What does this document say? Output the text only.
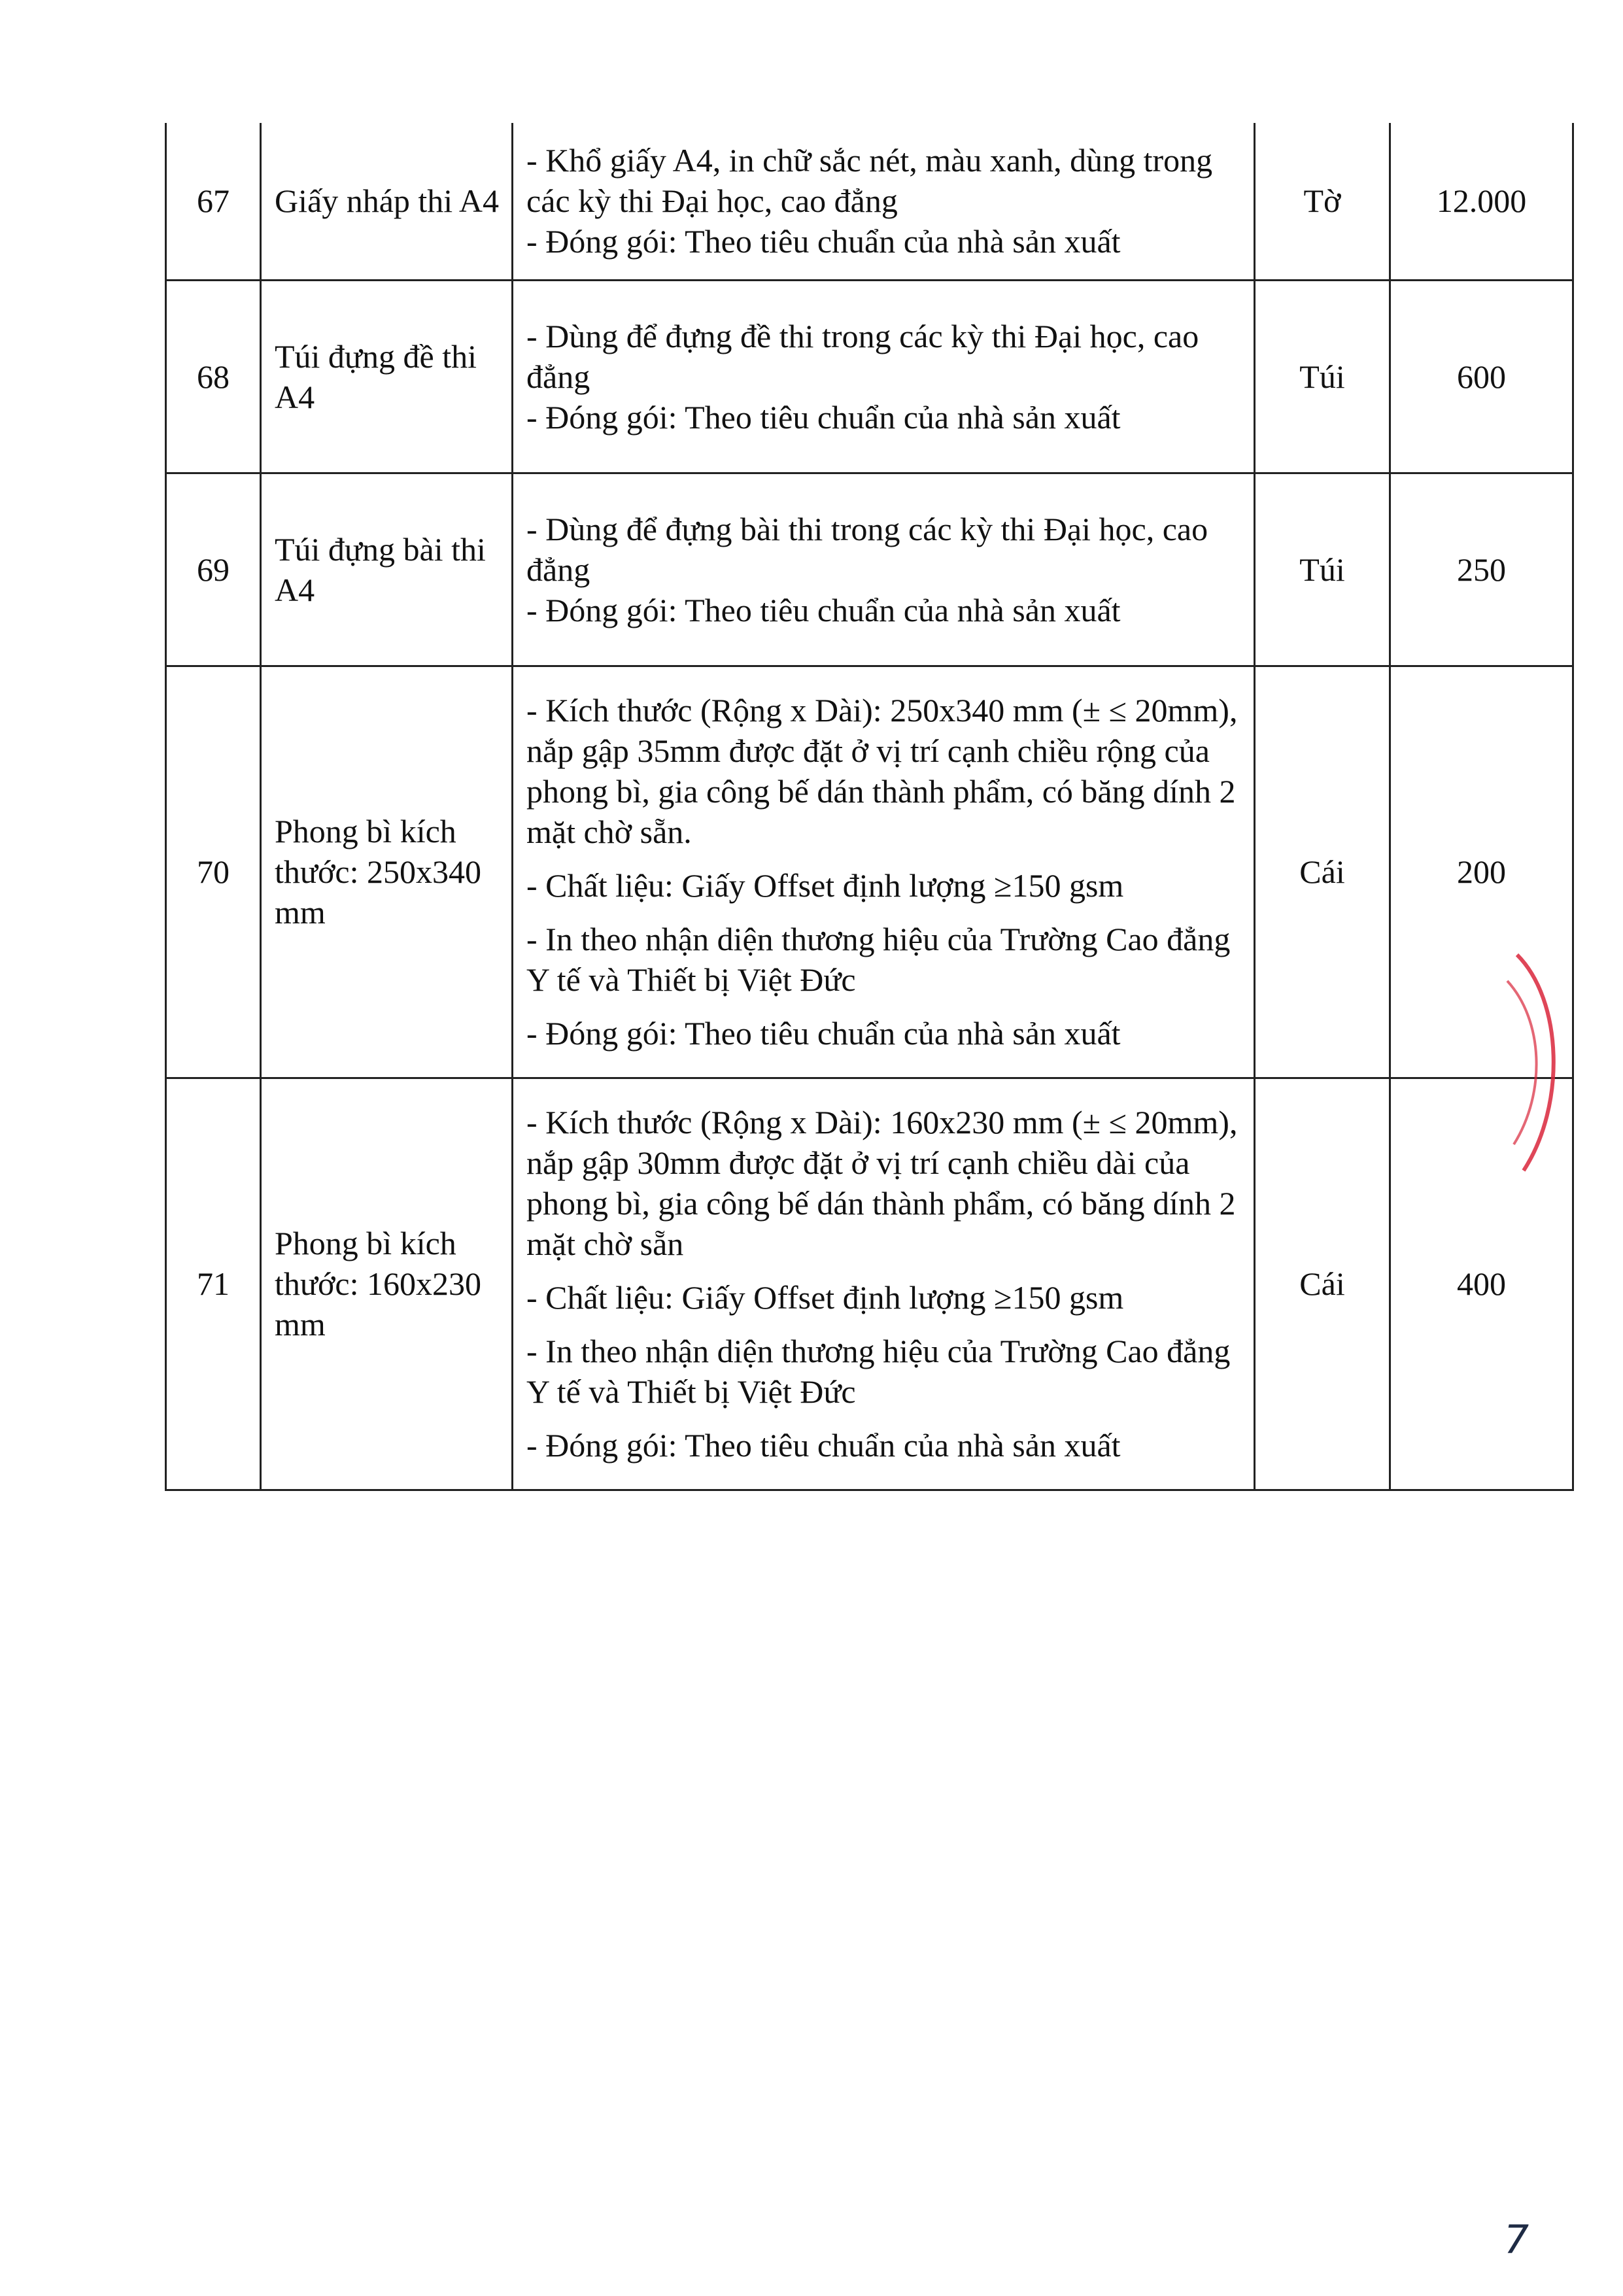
67	Giấy nháp thi A4	- Khổ giấy A4, in chữ sắc nét, màu xanh, dùng trong các kỳ thi Đại học, cao đẳng
- Đóng gói: Theo tiêu chuẩn của nhà sản xuất	Tờ	12.000
68	Túi đựng đề thi A4	- Dùng để đựng đề thi trong các kỳ thi Đại học, cao đẳng
- Đóng gói: Theo tiêu chuẩn của nhà sản xuất	Túi	600
69	Túi đựng bài thi A4	- Dùng để đựng bài thi trong các kỳ thi Đại học, cao đẳng
- Đóng gói: Theo tiêu chuẩn của nhà sản xuất	Túi	250
70	Phong bì kích thước: 250x340 mm	- Kích thước (Rộng x Dài): 250x340 mm (± ≤ 20mm), nắp gập 35mm được đặt ở vị trí cạnh chiều rộng của phong bì, gia công bế dán thành phẩm, có băng dính 2 mặt chờ sẵn.
- Chất liệu: Giấy Offset định lượng ≥150 gsm
- In theo nhận diện thương hiệu của Trường Cao đẳng Y tế và Thiết bị Việt Đức
- Đóng gói: Theo tiêu chuẩn của nhà sản xuất	Cái	200
71	Phong bì kích thước: 160x230 mm	- Kích thước (Rộng x Dài): 160x230 mm (± ≤ 20mm), nắp gập 30mm được đặt ở vị trí cạnh chiều dài của phong bì, gia công bế dán thành phẩm, có băng dính 2 mặt chờ sẵn
- Chất liệu: Giấy Offset định lượng ≥150 gsm
- In theo nhận diện thương hiệu của Trường Cao đẳng Y tế và Thiết bị Việt Đức
- Đóng gói: Theo tiêu chuẩn của nhà sản xuất	Cái	400
7
